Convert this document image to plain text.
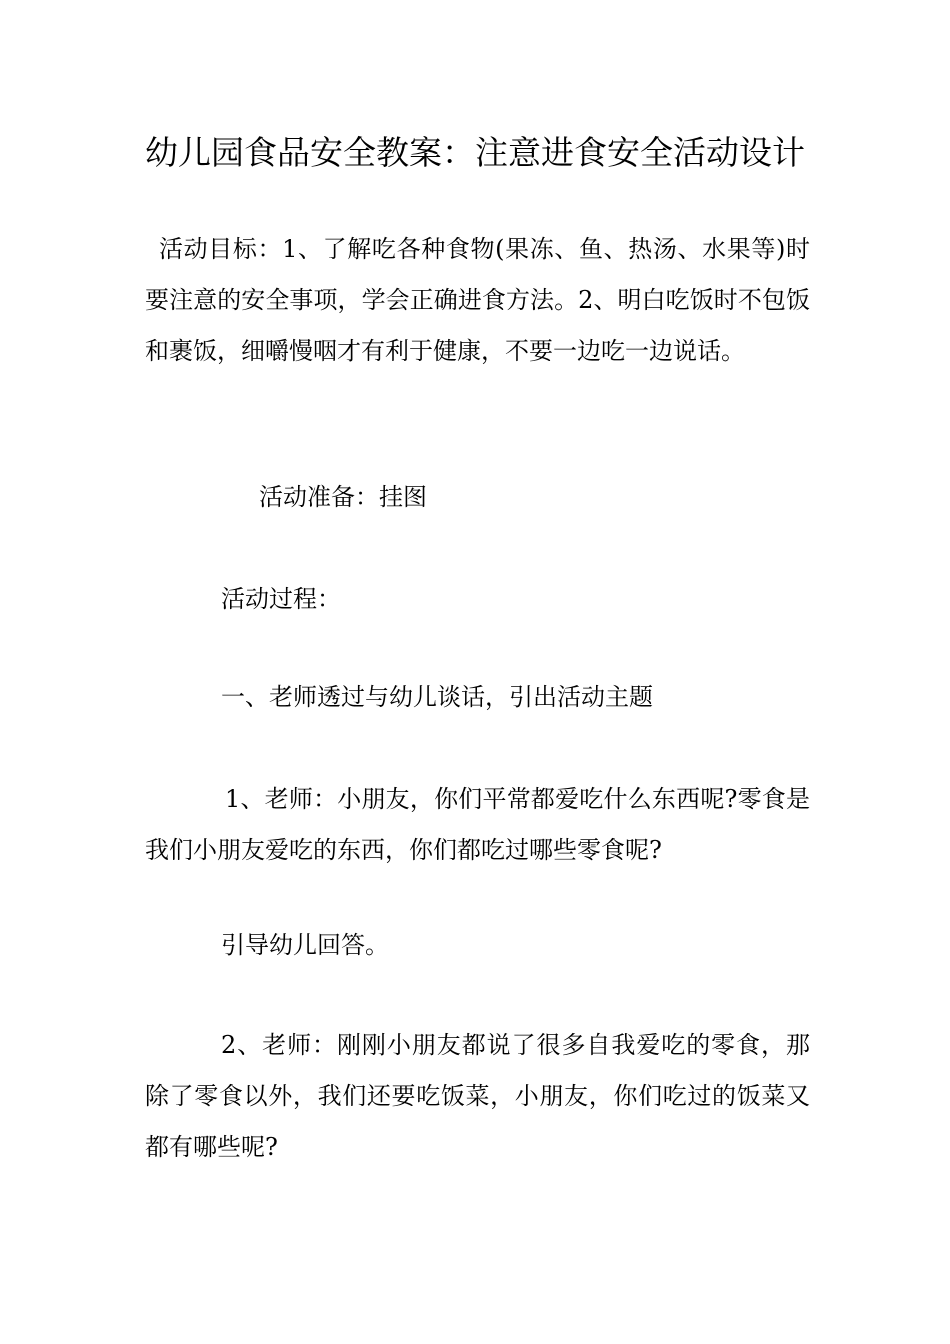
幼儿园食品安全教案：注意进食安全活动设计

活动目标：1、了解吃各种食物(果冻、鱼、热汤、水果等)时要注意的安全事项，学会正确进食方法。2、明白吃饭时不包饭和裹饭，细嚼慢咽才有利于健康，不要一边吃一边说话。

活动准备：挂图

活动过程：

一、老师透过与幼儿谈话，引出活动主题

1、老师：小朋友，你们平常都爱吃什么东西呢?零食是我们小朋友爱吃的东西，你们都吃过哪些零食呢?

引导幼儿回答。

2、老师：刚刚小朋友都说了很多自我爱吃的零食，那除了零食以外，我们还要吃饭菜，小朋友，你们吃过的饭菜又都有哪些呢?
